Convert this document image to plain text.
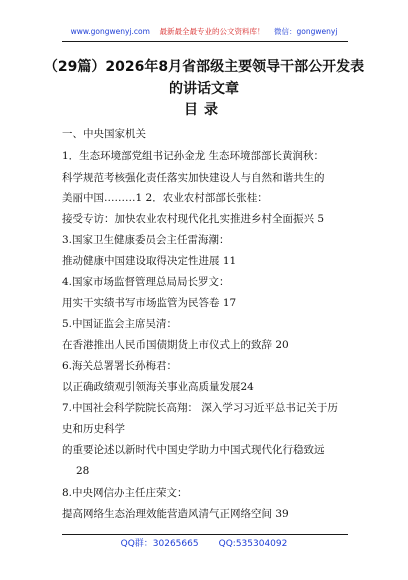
www.gongwenyj.com 最新最全最专业的公文资料库！ 微信：gongwenyj
（29篇）2026年8月省部级主要领导干部公开发表
的讲话文章
目录
一、中央国家机关
1．生态环境部党组书记孙金龙 生态环境部部长黄润秋：
科学规范考核强化责任落实加快建设人与自然和谐共生的
美丽中国………1 2．农业农村部部长张桂：
接受专访：加快农业农村现代化扎实推进乡村全面振兴 5
3.国家卫生健康委员会主任雷海潮：
推动健康中国建设取得决定性进展 11
4.国家市场监督管理总局局长罗文：
用实干实绩书写市场监管为民答卷 17
5.中国证监会主席吴清：
在香港推出人民币国债期货上市仪式上的致辞 20
6.海关总署署长孙梅君：
以正确政绩观引领海关事业高质量发展24
7.中国社会科学院院长高翔： 深入学习习近平总书记关于历
史和历史科学
的重要论述以新时代中国史学助力中国式现代化行稳致远
28
8.中央网信办主任庄荣文：
提高网络生态治理效能营造风清气正网络空间 39
QQ群：30265665 QQ:535304092
